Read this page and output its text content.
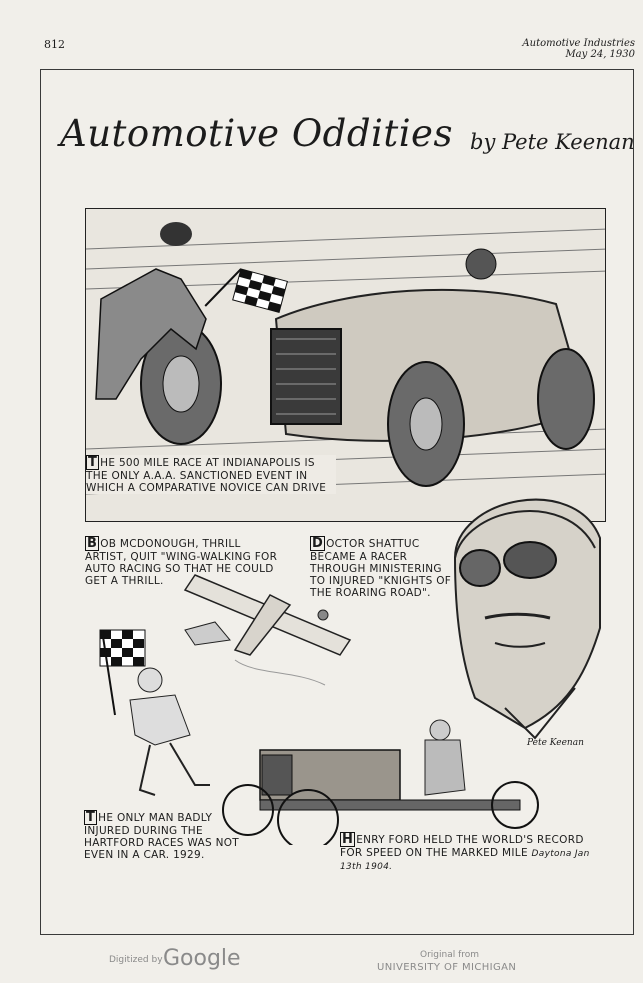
812	Automotive Industries
May 24, 1930
Automotive Oddities by Pete Keenan
T HE 500 MILE RACE AT INDIANAPOLIS IS THE ONLY A.A.A. SANCTIONED EVENT IN WHICH A COMPARATIVE NOVICE CAN DRIVE
B OB MCDONOUGH, THRILL ARTIST, QUIT "WING-WALKING FOR AUTO RACING SO THAT HE COULD GET A THRILL.
D OCTOR SHATTUC BECAME A RACER THROUGH MINISTERING TO INJURED "KNIGHTS OF THE ROARING ROAD".
Pete Keenan
T HE ONLY MAN BADLY INJURED DURING THE HARTFORD RACES WAS NOT EVEN IN A CAR. 1929.
H ENRY FORD HELD THE WORLD'S RECORD FOR SPEED ON THE MARKED MILE Daytona Jan 13th 1904.
Digitized by Google	Original from
UNIVERSITY OF MICHIGAN
